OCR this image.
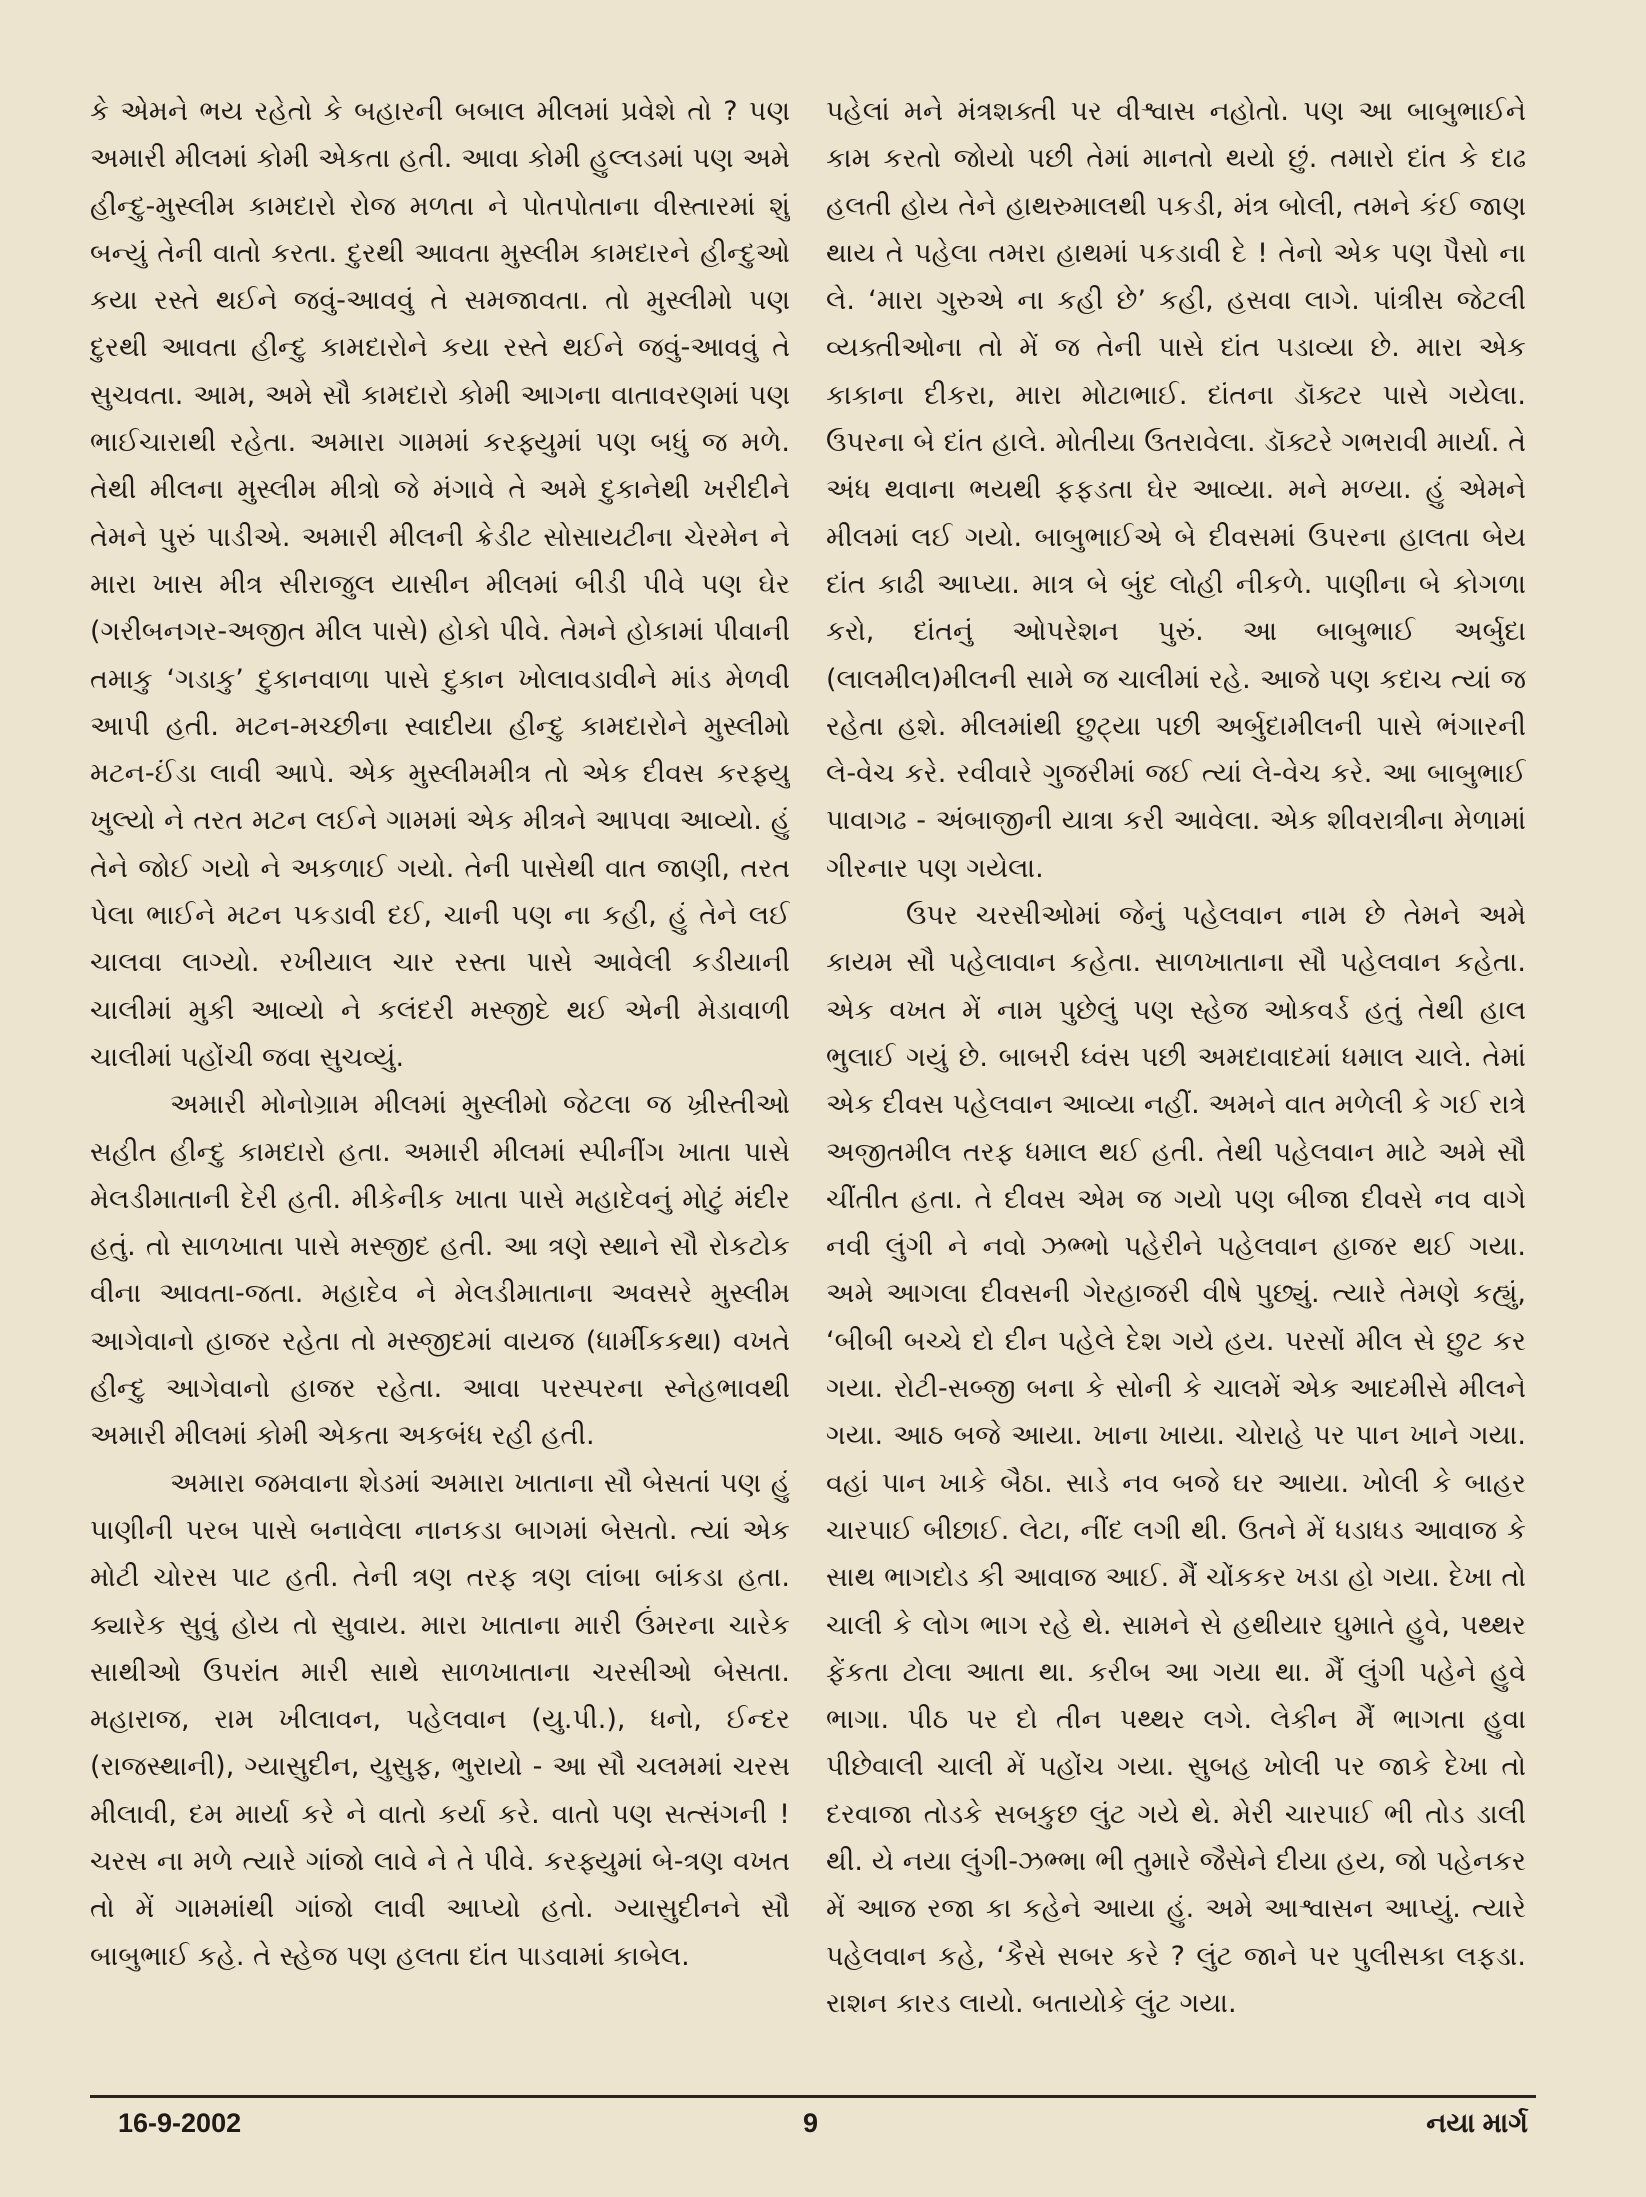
કે એમને ભય રહેતો કે બહારની બબાલ મીલમાં પ્રવેશે તો ? પણ અમારી મીલમાં કોમી એકતા હતી. આવા કોમી હુલ્લડમાં પણ અમે હીન્દુ-મુસ્લીમ કામદારો રોજ મળતા ને પોતપોતાના વીસ્તારમાં શું બન્યું તેની વાતો કરતા. દુરથી આવતા મુસ્લીમ કામદારને હીન્દુઓ કયા રસ્તે થઈને જવું-આવવું તે સમજાવતા. તો મુસ્લીમો પણ દુરથી આવતા હીન્દુ કામદારોને કયા રસ્તે થઈને જવું-આવવું તે સુચવતા. આમ, અમે સૌ કામદારો કોમી આગના વાતાવરણમાં પણ ભાઈચારાથી રહેતા. અમારા ગામમાં કરફ્યુમાં પણ બધું જ મળે. તેથી મીલના મુસ્લીમ મીત્રો જે મંગાવે તે અમે દુકાનેથી ખરીદીને તેમને પુરું પાડીએ. અમારી મીલની ક્રેડીટ સોસાયટીના ચેરમેન ને મારા ખાસ મીત્ર સીરાજુલ યાસીન મીલમાં બીડી પીવે પણ ઘેર (ગરીબનગર-અજીત મીલ પાસે) હોકો પીવે. તેમને હોકામાં પીવાની તમાકુ ‘ગડાકુ’ દુકાનવાળા પાસે દુકાન ખોલાવડાવીને માંડ મેળવી આપી હતી. મટન-મચ્છીના સ્વાદીયા હીન્દુ કામદારોને મુસ્લીમો મટન-ઈંડા લાવી આપે. એક મુસ્લીમમીત્ર તો એક દીવસ કરફ્યુ ખુલ્યો ને તરત મટન લઈને ગામમાં એક મીત્રને આપવા આવ્યો. હું તેને જોઈ ગયો ને અકળાઈ ગયો. તેની પાસેથી વાત જાણી, તરત પેલા ભાઈને મટન પકડાવી દઈ, ચાની પણ ના કહી, હું તેને લઈ ચાલવા લાગ્યો. રખીયાલ ચાર રસ્તા પાસે આવેલી કડીયાની ચાલીમાં મુકી આવ્યો ને કલંદરી મસ્જીદે થઈ એની મેડાવાળી ચાલીમાં પહોંચી જવા સુચવ્યું.

અમારી મોનોગ્રામ મીલમાં મુસ્લીમો જેટલા જ ખ્રીસ્તીઓ સહીત હીન્દુ કામદારો હતા. અમારી મીલમાં સ્પીનીંગ ખાતા પાસે મેલડીમાતાની દેરી હતી. મીકેનીક ખાતા પાસે મહાદેવનું મોટું મંદીર હતું. તો સાળખાતા પાસે મસ્જીદ હતી. આ ત્રણે સ્થાને સૌ રોકટોક વીના આવતા-જતા. મહાદેવ ને મેલડીમાતાના અવસરે મુસ્લીમ આગેવાનો હાજર રહેતા તો મસ્જીદમાં વાયજ (ધાર્મીકકથા) વખતે હીન્દુ આગેવાનો હાજર રહેતા. આવા પરસ્પરના સ્નેહભાવથી અમારી મીલમાં કોમી એકતા અકબંધ રહી હતી.

અમારા જમવાના શેડમાં અમારા ખાતાના સૌ બેસતાં પણ હું પાણીની પરબ પાસે બનાવેલા નાનકડા બાગમાં બેસતો. ત્યાં એક મોટી ચોરસ પાટ હતી. તેની ત્રણ તરફ ત્રણ લાંબા બાંકડા હતા. ક્યારેક સુવું હોય તો સુવાય. મારા ખાતાના મારી ઉંમરના ચારેક સાથીઓ ઉપરાંત મારી સાથે સાળખાતાના ચરસીઓ બેસતા. મહારાજ, રામ ખીલાવન, પહેલવાન (યુ.પી.), ધનો, ઈન્દર (રાજસ્થાની), ગ્યાસુદીન, યુસુફ, ભુરાયો - આ સૌ ચલમમાં ચરસ મીલાવી, દમ માર્યા કરે ને વાતો કર્યા કરે. વાતો પણ સત્સંગની ! ચરસ ના મળે ત્યારે ગાંજો લાવે ને તે પીવે. કરફ્યુમાં બે-ત્રણ વખત તો મેં ગામમાંથી ગાંજો લાવી આપ્યો હતો. ગ્યાસુદીનને સૌ બાબુભાઈ કહે. તે સ્હેજ પણ હલતા દાંત પાડવામાં કાબેલ.

પહેલાં મને મંત્રશક્તી પર વીશ્વાસ નહોતો. પણ આ બાબુભાઈને કામ કરતો જોયો પછી તેમાં માનતો થયો છું. તમારો દાંત કે દાઢ હલતી હોય તેને હાથરુમાલથી પકડી, મંત્ર બોલી, તમને કંઈ જાણ થાય તે પહેલા તમરા હાથમાં પકડાવી દે ! તેનો એક પણ પૈસો ના લે. ‘મારા ગુરુએ ના કહી છે’ કહી, હસવા લાગે. પાંત્રીસ જેટલી વ્યક્તીઓના તો મેં જ તેની પાસે દાંત પડાવ્યા છે. મારા એક કાકાના દીકરા, મારા મોટાભાઈ. દાંતના ડૉક્ટર પાસે ગયેલા. ઉપરના બે દાંત હાલે. મોતીયા ઉતરાવેલા. ડૉક્ટરે ગભરાવી માર્યા. તે અંધ થવાના ભયથી ફફડતા ઘેર આવ્યા. મને મળ્યા. હું એમને મીલમાં લઈ ગયો. બાબુભાઈએ બે દીવસમાં ઉપરના હાલતા બેય દાંત કાઢી આપ્યા. માત્ર બે બુંદ લોહી નીકળે. પાણીના બે કોગળા કરો, દાંતનું ઓપરેશન પુરું. આ બાબુભાઈ અર્બુદા (લાલમીલ)મીલની સામે જ ચાલીમાં રહે. આજે પણ કદાચ ત્યાં જ રહેતા હશે. મીલમાંથી છુટ્યા પછી અર્બુદામીલની પાસે ભંગારની લે-વેચ કરે. રવીવારે ગુજરીમાં જઈ ત્યાં લે-વેચ કરે. આ બાબુભાઈ પાવાગઢ - અંબાજીની યાત્રા કરી આવેલા. એક શીવરાત્રીના મેળામાં ગીરનાર પણ ગયેલા.

ઉપર ચરસીઓમાં જેનું પહેલવાન નામ છે તેમને અમે કાયમ સૌ પહેલાવાન કહેતા. સાળખાતાના સૌ પહેલવાન કહેતા. એક વખત મેં નામ પુછેલું પણ સ્હેજ ઓકવર્ડ હતું તેથી હાલ ભુલાઈ ગયું છે. બાબરી ધ્વંસ પછી અમદાવાદમાં ધમાલ ચાલે. તેમાં એક દીવસ પહેલવાન આવ્યા નહીં. અમને વાત મળેલી કે ગઈ રાત્રે અજીતમીલ તરફ ધમાલ થઈ હતી. તેથી પહેલવાન માટે અમે સૌ ચીંતીત હતા. તે દીવસ એમ જ ગયો પણ બીજા દીવસે નવ વાગે નવી લુંગી ને નવો ઝભ્ભો પહેરીને પહેલવાન હાજર થઈ ગયા. અમે આગલા દીવસની ગેરહાજરી વીષે પુછ્યું. ત્યારે તેમણે કહ્યું, ‘બીબી બચ્ચે દો દીન પહેલે દેશ ગયે હય. પરસોં મીલ સે છુટ કર ગયા. રોટી-સબ્જી બના કે સોની કે ચાલમેં એક આદમીસે મીલને ગયા. આઠ બજે આયા. ખાના ખાયા. ચોરાહે પર પાન ખાને ગયા. વહાં પાન ખાકે બૈઠા. સાડે નવ બજે ઘર આયા. ખોલી કે બાહર ચારપાઈ બીછાઈ. લેટા, નીંદ લગી થી. ઉતને મેં ધડાધડ આવાજ કે સાથ ભાગદોડ કી આવાજ આઈ. મૈં ચોંકકર ખડા હો ગયા. દેખા તો ચાલી કે લોગ ભાગ રહે થે. સામને સે હથીયાર ઘુમાતે હુવે, પથ્થર ફેંકતા ટોલા આતા થા. કરીબ આ ગયા થા. મૈં લુંગી પહેને હુવે ભાગા. પીઠ પર દો તીન પથ્થર લગે. લેકીન મૈં ભાગતા હુવા પીછેવાલી ચાલી મેં પહોંચ ગયા. સુબહ ખોલી પર જાકે દેખા તો દરવાજા તોડકે સબકુછ લુંટ ગયે થે. મેરી ચારપાઈ ભી તોડ ડાલી થી. યે નયા લુંગી-ઝભ્ભા ભી તુમારે જૈસેને દીયા હય, જો પહેનકર મેં આજ રજા કા કહેને આયા હું. અમે આશ્વાસન આપ્યું. ત્યારે પહેલવાન કહે, ‘કૈસે સબર કરે ? લુંટ જાને પર પુલીસકા લફડા. રાશન કારડ લાયો. બતાયોકે લુંટ ગયા.

16-9-2002	9	નયા માર્ગ
